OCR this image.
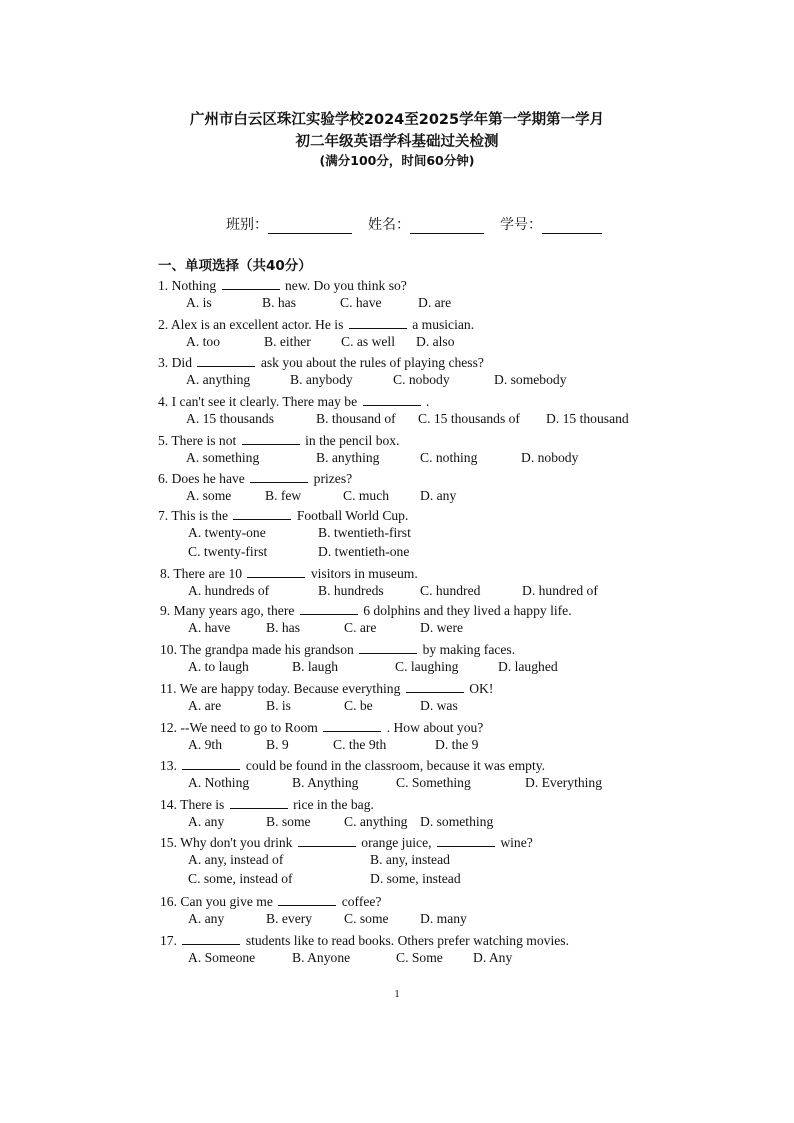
广州市白云区珠江实验学校2024至2025学年第一学期第一学月
初二年级英语学科基础过关检测
(满分100分，时间60分钟)
班别：	姓名：	学号：
一、单项选择（共40分）
1. Nothing	new. Do you think so?
A. is	B. has	C. have	D. are
2. Alex is an excellent actor. He is	a musician.
A. too	B. either C. as well D. also
3. Did	ask you about the rules of playing chess?
A. anything	B. anybody	C. nobody	D. somebody
4. I can't see it clearly. There may be	.
A. 15 thousands	B. thousand of C. 15 thousands of D. 15 thousand
5. There is not	in the pencil box.
A. something	B. anything	C. nothing	D. nobody
6. Does he have	prizes?
A. some B. few	C. much D. any
7. This is the	Football World Cup.
A. twenty-one	B. twentieth-first
C. twenty-first	D. twentieth-one
8. There are 10	visitors in museum.
A. hundreds of	B. hundreds	C. hundred	D. hundred of
9. Many years ago, there	6 dolphins and they lived a happy life.
A. have	B. has	C. are	D. were
10. The grandpa made his grandson	by making faces.
A. to laugh	B. laugh	C. laughing	D. laughed
11. We are happy today. Because everything	OK!
A. are	B. is	C. be	D. was
12. --We need to go to Room	. How about you?
A. 9th	B. 9	C. the 9th	D. the 9
13.	could be found in the classroom, because it was empty.
A. Nothing	B. Anything	C. Something	D. Everything
14. There is	rice in the bag.
A. any	B. some C. anything D. something
15. Why don't you drink	orange juice,	wine?
A. any, instead of	B. any, instead
C. some, instead of	D. some, instead
16. Can you give me	coffee?
A. any	B. every C. some D. many
17.	students like to read books. Others prefer watching movies.
A. Someone	B. Anyone	C. Some D. Any
1
